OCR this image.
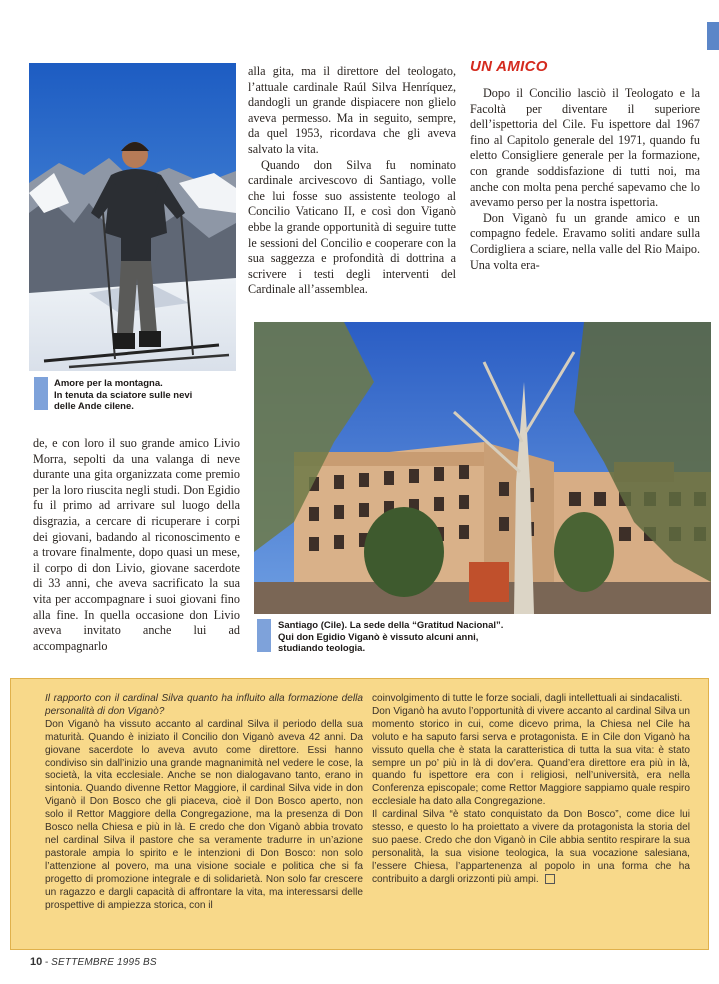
Amore per la montagna.
In tenuta da sciatore sulle nevi
delle Ande cilene.

alla gita, ma il direttore del teologato, l’attuale cardinale Raúl Silva Henríquez, dandogli un grande dispiacere non glielo aveva permesso. Ma in seguito, sempre, da quel 1953, ricordava che gli aveva salvato la vita.

Quando don Silva fu nominato cardinale arcivescovo di Santiago, volle che lui fosse suo assistente teologo al Concilio Vaticano II, e così don Viganò ebbe la grande opportunità di seguire tutte le sessioni del Concilio e cooperare con la sua saggezza e profondità di dottrina a scrivere i testi degli interventi del Cardinale all’assemblea.

UN AMICO

Dopo il Concilio lasciò il Teologato e la Facoltà per diventare il superiore dell’ispettoria del Cile. Fu ispettore dal 1967 fino al Capitolo generale del 1971, quando fu eletto Consigliere generale per la formazione, con grande soddisfazione di tutti noi, ma anche con molta pena perché sapevamo che lo avevamo perso per la nostra ispettoria.

Don Viganò fu un grande amico e un compagno fedele. Eravamo soliti andare sulla Cordigliera a sciare, nella valle del Rio Maipo. Una volta era-

Santiago (Cile). La sede della “Gratitud Nacional”.
Qui don Egidio Viganò è vissuto alcuni anni,
studiando teologia.

de, e con loro il suo grande amico Livio Morra, sepolti da una valanga di neve durante una gita organizzata come premio per la loro riuscita negli studi. Don Egidio fu il primo ad arrivare sul luogo della disgrazia, a cercare di ricuperare i corpi dei giovani, badando al riconoscimento e a trovare finalmente, dopo quasi un mese, il corpo di don Livio, giovane sacerdote di 33 anni, che aveva sacrificato la sua vita per accompagnare i suoi giovani fino alla fine. In quella occasione don Livio aveva invitato anche lui ad accompagnarlo

Il rapporto con il cardinal Silva quanto ha influito alla formazione della personalità di don Viganò?

Don Viganò ha vissuto accanto al cardinal Silva il periodo della sua maturità. Quando è iniziato il Concilio don Viganò aveva 42 anni. Da giovane sacerdote lo aveva avuto come direttore. Essi hanno condiviso sin dall’inizio una grande magnanimità nel vedere le cose, la società, la vita ecclesiale. Anche se non dialogavano tanto, erano in sintonia. Quando divenne Rettor Maggiore, il cardinal Silva vide in don Viganò il Don Bosco che gli piaceva, cioè il Don Bosco aperto, non solo il Rettor Maggiore della Congregazione, ma la presenza di Don Bosco nella Chiesa e più in là. E credo che don Viganò abbia trovato nel cardinal Silva il pastore che sa veramente tradurre in un’azione pastorale ampia lo spirito e le intenzioni di Don Bosco: non solo l’attenzione al povero, ma una visione sociale e politica che si fa progetto di promozione integrale e di solidarietà. Non solo far crescere un ragazzo e dargli capacità di affrontare la vita, ma interessarsi delle prospettive di ampiezza storica, con il

coinvolgimento di tutte le forze sociali, dagli intellettuali ai sindacalisti.

Don Viganò ha avuto l’opportunità di vivere accanto al cardinal Silva un momento storico in cui, come dicevo prima, la Chiesa nel Cile ha voluto e ha saputo farsi serva e protagonista. E in Cile don Viganò ha vissuto quella che è stata la caratteristica di tutta la sua vita: è stato sempre un po’ più in là di dov’era. Quand’era direttore era più in là, quando fu ispettore era con i religiosi, nell’università, era nella Conferenza episcopale; come Rettor Maggiore sappiamo quale respiro ecclesiale ha dato alla Congregazione.

Il cardinal Silva “è stato conquistato da Don Bosco”, come dice lui stesso, e questo lo ha proiettato a vivere da protagonista la storia del suo paese. Credo che don Viganò in Cile abbia sentito respirare la sua personalità, la sua visione teologica, la sua vocazione salesiana, l’essere Chiesa, l’appartenenza al popolo in una forma che ha contribuito a dargli orizzonti più ampi.

10 - SETTEMBRE 1995 BS
